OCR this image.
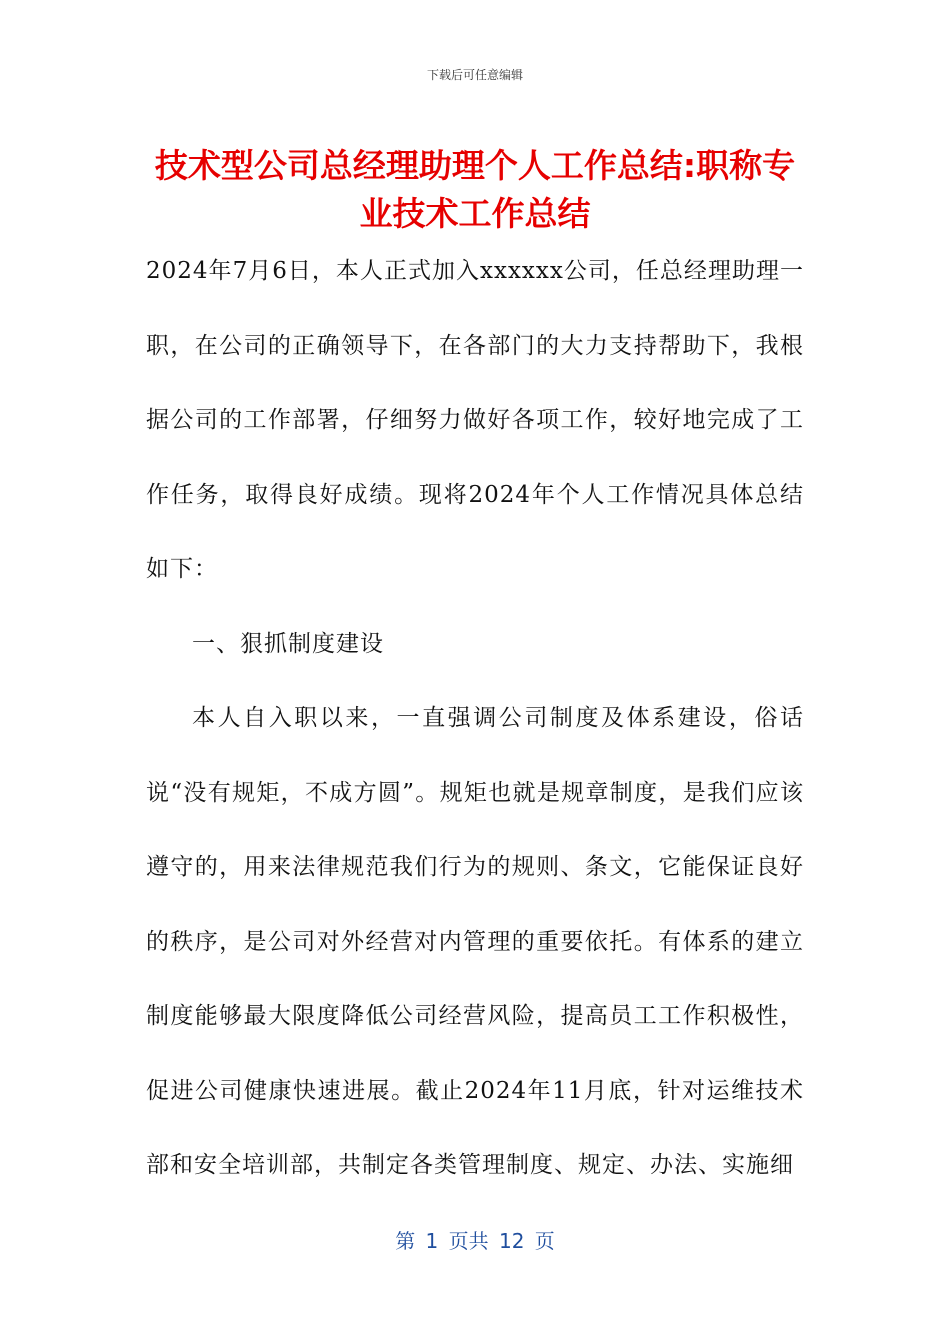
下载后可任意编辑
技术型公司总经理助理个人工作总结:职称专业技术工作总结

2024年7月6日，本人正式加入xxxxxx公司，任总经理助理一职，在公司的正确领导下，在各部门的大力支持帮助下，我根据公司的工作部署，仔细努力做好各项工作，较好地完成了工作任务，取得良好成绩。现将2024年个人工作情况具体总结如下：

一、狠抓制度建设

本人自入职以来，一直强调公司制度及体系建设，俗话说“没有规矩，不成方圆”。规矩也就是规章制度，是我们应该遵守的，用来法律规范我们行为的规则、条文，它能保证良好的秩序，是公司对外经营对内管理的重要依托。有体系的建立制度能够最大限度降低公司经营风险，提高员工工作积极性，促进公司健康快速进展。截止2024年11月底，针对运维技术部和安全培训部，共制定各类管理制度、规定、办法、实施细

第 1 页共 12 页
